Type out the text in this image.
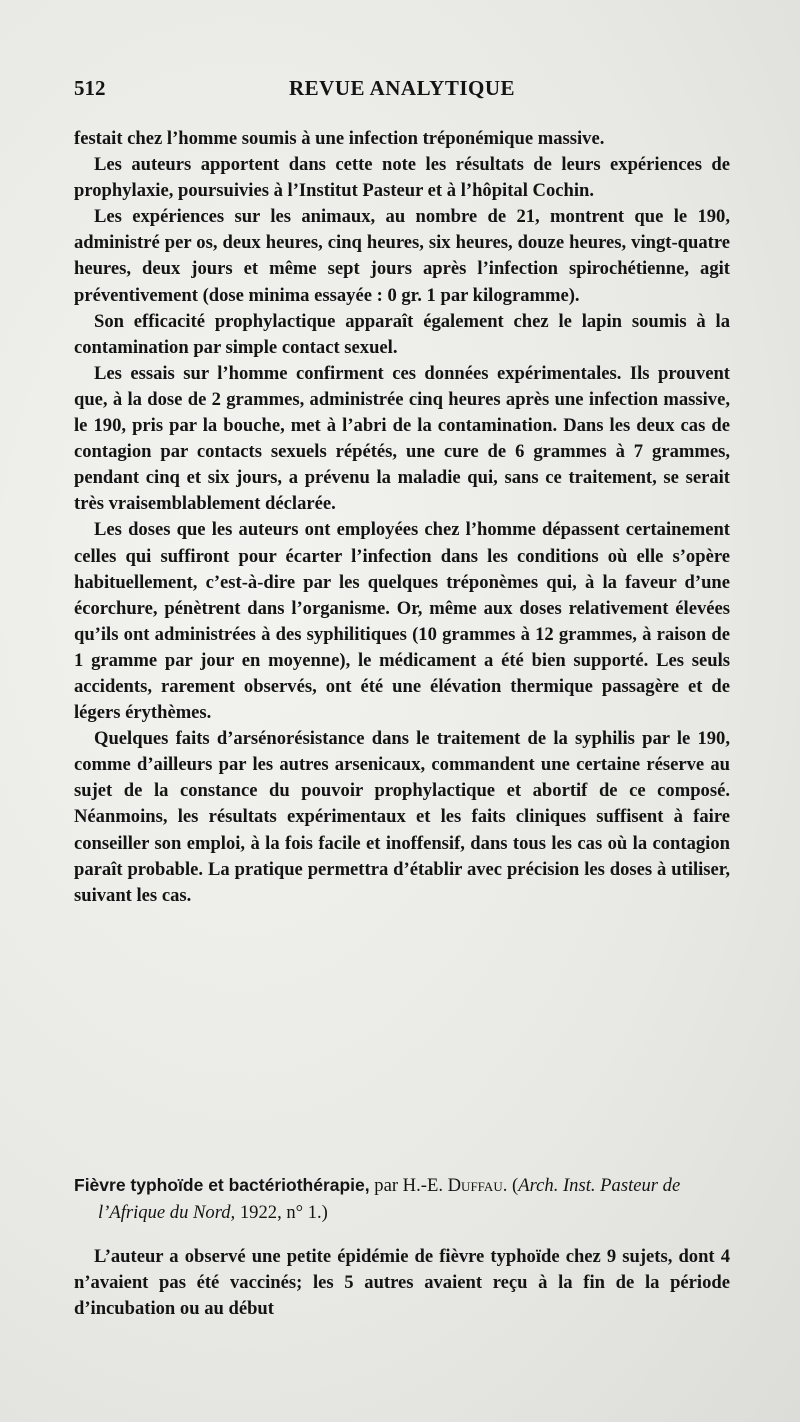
512	REVUE ANALYTIQUE

festait chez l’homme soumis à une infection tréponémique massive.

Les auteurs apportent dans cette note les résultats de leurs expériences de prophylaxie, poursuivies à l’Institut Pasteur et à l’hôpital Cochin.

Les expériences sur les animaux, au nombre de 21, montrent que le 190, administré per os, deux heures, cinq heures, six heures, douze heures, vingt-quatre heures, deux jours et même sept jours après l’infection spirochétienne, agit préventivement (dose minima essayée : 0 gr. 1 par kilogramme).

Son efficacité prophylactique apparaît également chez le lapin soumis à la contamination par simple contact sexuel.

Les essais sur l’homme confirment ces données expérimentales. Ils prouvent que, à la dose de 2 grammes, administrée cinq heures après une infection massive, le 190, pris par la bouche, met à l’abri de la contamination. Dans les deux cas de contagion par contacts sexuels répétés, une cure de 6 grammes à 7 grammes, pendant cinq et six jours, a prévenu la maladie qui, sans ce traitement, se serait très vraisemblablement déclarée.

Les doses que les auteurs ont employées chez l’homme dépassent certainement celles qui suffiront pour écarter l’infection dans les conditions où elle s’opère habituellement, c’est-à-dire par les quelques tréponèmes qui, à la faveur d’une écorchure, pénètrent dans l’organisme. Or, même aux doses relativement élevées qu’ils ont administrées à des syphilitiques (10 grammes à 12 grammes, à raison de 1 gramme par jour en moyenne), le médicament a été bien supporté. Les seuls accidents, rarement observés, ont été une élévation thermique passagère et de légers érythèmes.

Quelques faits d’arsénorésistance dans le traitement de la syphilis par le 190, comme d’ailleurs par les autres arsenicaux, commandent une certaine réserve au sujet de la constance du pouvoir prophylactique et abortif de ce composé. Néanmoins, les résultats expérimentaux et les faits cliniques suffisent à faire conseiller son emploi, à la fois facile et inoffensif, dans tous les cas où la contagion paraît probable. La pratique permettra d’établir avec précision les doses à utiliser, suivant les cas.

Fièvre typhoïde et bactériothérapie, par H.-E. Duffau. (Arch. Inst. Pasteur de l’Afrique du Nord, 1922, n° 1.)

L’auteur a observé une petite épidémie de fièvre typhoïde chez 9 sujets, dont 4 n’avaient pas été vaccinés; les 5 autres avaient reçu à la fin de la période d’incubation ou au début
